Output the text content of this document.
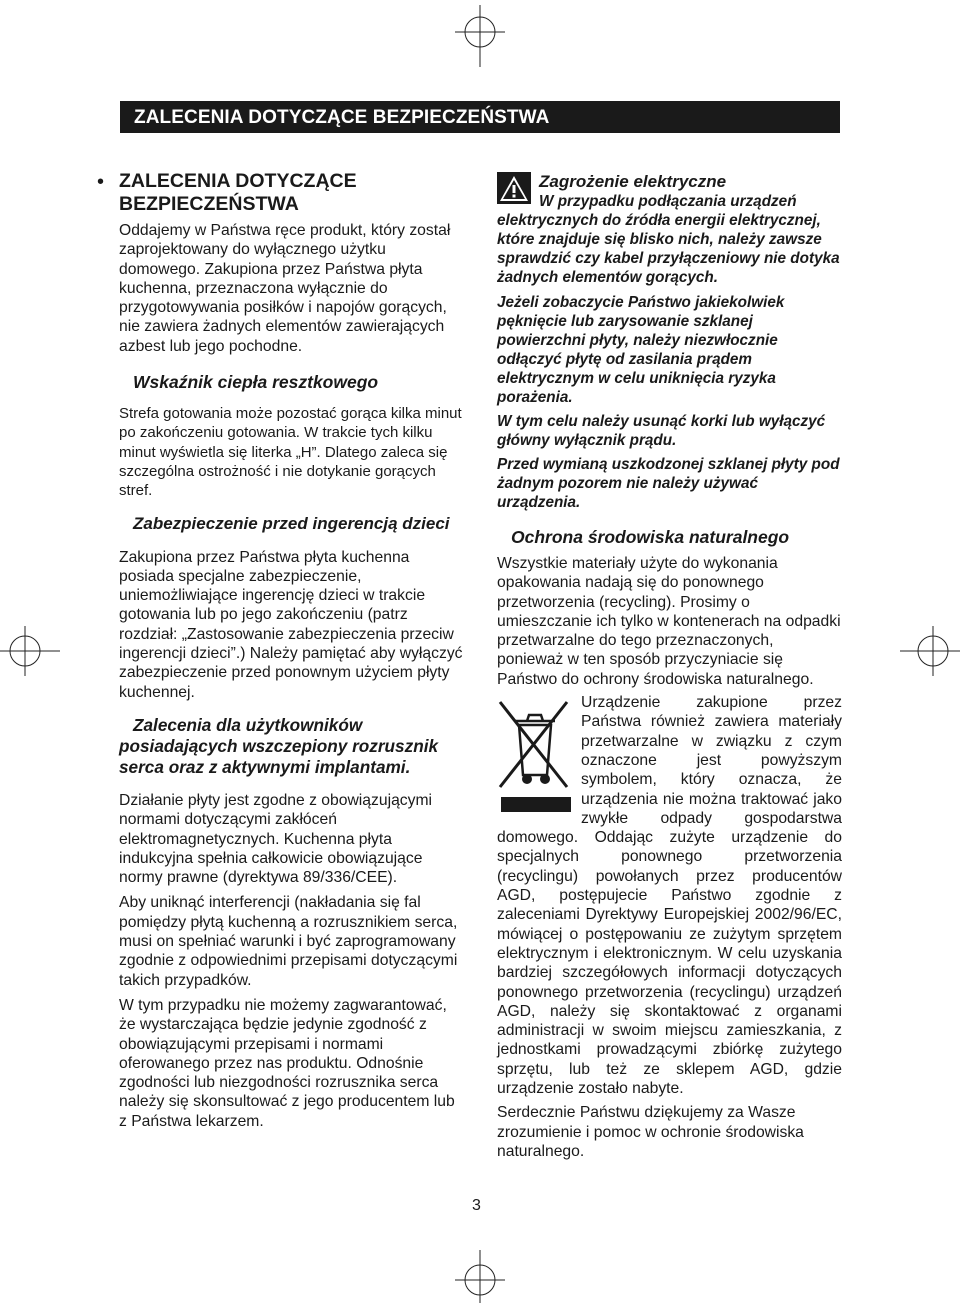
ZALECENIA DOTYCZĄCE BEZPIECZEŃSTWA
• ZALECENIA DOTYCZĄCE
BEZPIECZEŃSTWA

Oddajemy w Państwa ręce produkt, który został zaprojektowany do wyłącznego użytku domowego. Zakupiona przez Państwa płyta kuchenna, przeznaczona wyłącznie do przygotowywania posiłków i napojów gorących, nie zawiera żadnych elementów zawierających azbest lub jego pochodne.

Wskaźnik ciepła resztkowego

Strefa gotowania może pozostać gorąca kilka minut po zakończeniu gotowania. W trakcie tych kilku minut wyświetla się literka „H”. Dlatego zaleca się szczególna ostrożność i nie dotykanie gorących stref.

Zabezpieczenie przed ingerencją dzieci

Zakupiona przez Państwa płyta kuchenna posiada specjalne zabezpieczenie, uniemożliwiające ingerencję dzieci w trakcie gotowania lub po jego zakończeniu (patrz rozdział: „Zastosowanie zabezpieczenia przeciw ingerencji dzieci”.) Należy pamiętać aby wyłączyć zabezpieczenie przed ponownym użyciem płyty kuchennej.

Zalecenia dla użytkowników posiadających wszczepiony rozrusznik serca oraz z aktywnymi implantami.

Działanie płyty jest zgodne z obowiązującymi normami dotyczącymi zakłóceń elektromagnetycznych. Kuchenna płyta indukcyjna spełnia całkowicie obowiązujące normy prawne (dyrektywa 89/336/CEE).

Aby uniknąć interferencji (nakładania się fal pomiędzy płytą kuchenną a rozrusznikiem serca, musi on spełniać warunki i być zaprogramowany zgodnie z odpowiednimi przepisami dotyczącymi takich przypadków.

W tym przypadku nie możemy zagwarantować, że wystarczająca będzie jedynie zgodność z obowiązującymi przepisami i normami oferowanego przez nas produktu. Odnośnie zgodności lub niezgodności rozrusznika serca należy się skonsultować z jego producentem lub z Państwa lekarzem.

Zagrożenie elektryczne

W przypadku podłączania urządzeń elektrycznych do źródła energii elektrycznej, które znajduje się blisko nich, należy zawsze sprawdzić czy kabel przyłączeniowy nie dotyka żadnych elementów gorących.

Jeżeli zobaczycie Państwo jakiekolwiek pęknięcie lub zarysowanie szklanej powierzchni płyty, należy niezwłocznie odłączyć płytę od zasilania prądem elektrycznym w celu uniknięcia ryzyka porażenia.

W tym celu należy usunąć korki lub wyłączyć główny wyłącznik prądu.

Przed wymianą uszkodzonej szklanej płyty pod żadnym pozorem nie należy używać urządzenia.

Ochrona środowiska naturalnego

Wszystkie materiały użyte do wykonania opakowania nadają się do ponownego przetworzenia (recycling). Prosimy o umieszczanie ich tylko w kontenerach na odpadki przetwarzalne do tego przeznaczonych, ponieważ w ten sposób przyczyniacie się Państwo do ochrony środowiska naturalnego.

Urządzenie zakupione przez Państwa również zawiera materiały przetwarzalne w związku z czym oznaczone jest powyższym symbolem, który oznacza, że urządzenia nie można traktować jako zwykłe odpady gospodarstwa domowego. Oddając zużyte urządzenie do specjalnych ponownego przetworzenia (recyclingu) powołanych przez producentów AGD, postępujecie Państwo zgodnie z zaleceniami Dyrektywy Europejskiej 2002/96/EC, mówiącej o postępowaniu ze zużytym sprzętem elektrycznym i elektronicznym. W celu uzyskania bardziej szczegółowych informacji dotyczących ponownego przetworzenia (recyclingu) urządzeń AGD, należy się skontaktować z organami administracji w swoim miejscu zamieszkania, z jednostkami prowadzącymi zbiórkę zużytego sprzętu, lub też ze sklepem AGD, gdzie urządzenie zostało nabyte.

Serdecznie Państwu dziękujemy za Wasze zrozumienie i pomoc w ochronie środowiska naturalnego.

3
